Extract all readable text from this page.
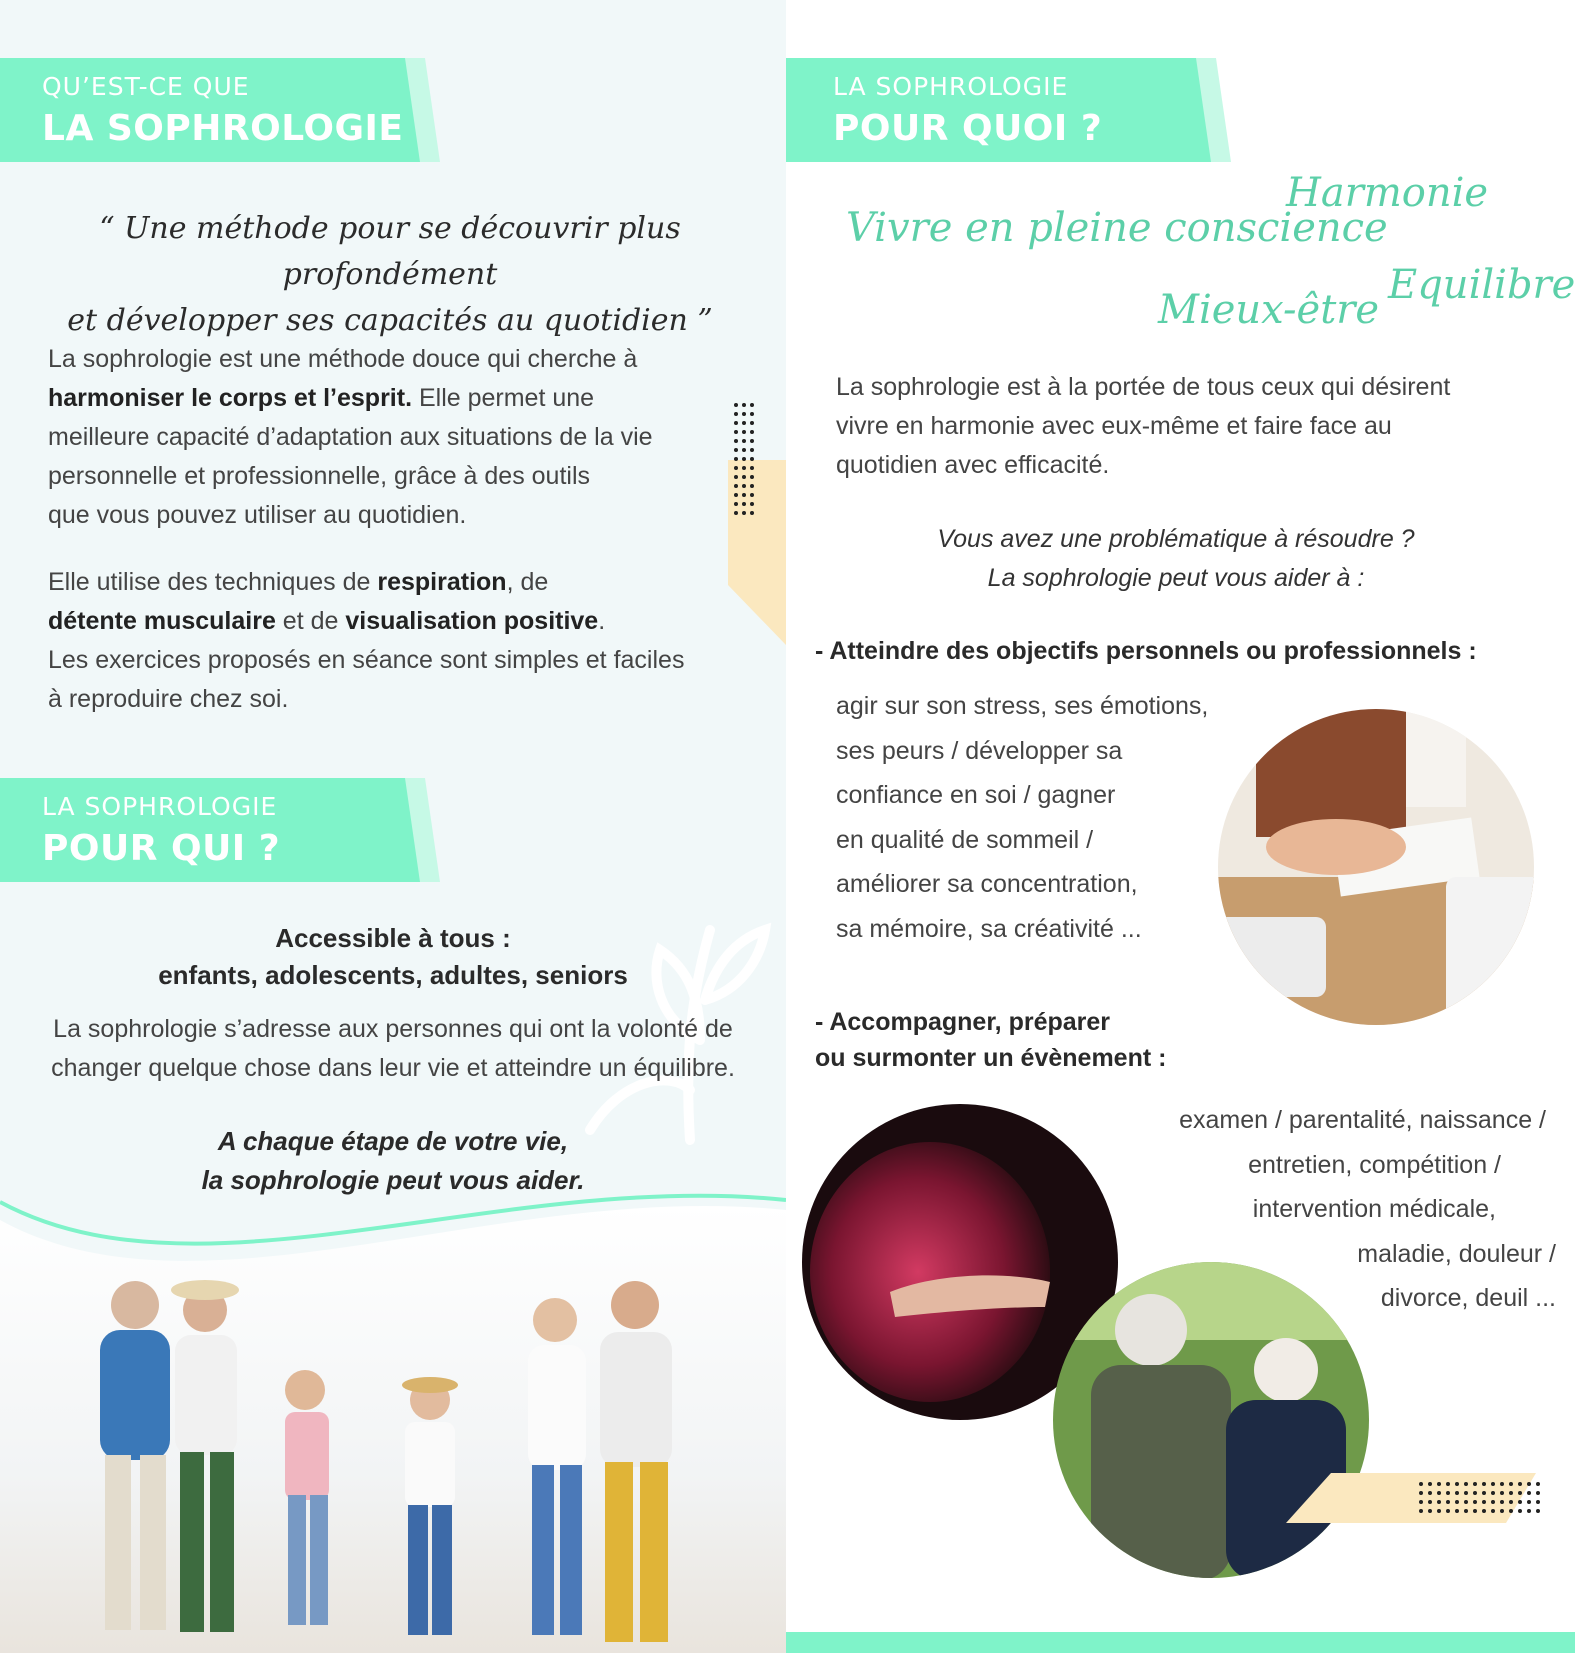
QU’EST-CE QUE
LA SOPHROLOGIE
“ Une méthode pour se découvrir plus profondément
et développer ses capacités au quotidien ”
La sophrologie est une méthode douce qui cherche à
harmoniser le corps et l’esprit. Elle permet une
meilleure capacité d’adaptation aux situations de la vie
personnelle et professionnelle, grâce à des outils
que vous pouvez utiliser au quotidien.
Elle utilise des techniques de respiration, de
détente musculaire et de visualisation positive.
Les exercices proposés en séance sont simples et faciles
à reproduire chez soi.
LA SOPHROLOGIE
POUR QUI ?
Accessible à tous :
enfants, adolescents, adultes, seniors
La sophrologie s’adresse aux personnes qui ont la volonté de
changer quelque chose dans leur vie et atteindre un équilibre.
A chaque étape de votre vie,
la sophrologie peut vous aider.
LA SOPHROLOGIE
POUR QUOI ?
Vivre en pleine conscience
Harmonie
Mieux-être
Equilibre
La sophrologie est à la portée de tous ceux qui désirent
vivre en harmonie avec eux-même et faire face au
quotidien avec efficacité.
Vous avez une problématique à résoudre ?
La sophrologie peut vous aider à :
- Atteindre des objectifs personnels ou professionnels :
agir sur son stress, ses émotions,
ses peurs / développer sa
confiance en soi / gagner
en qualité de sommeil /
améliorer sa concentration,
sa mémoire, sa créativité ...
- Accompagner, préparer
ou surmonter un évènement :
examen / parentalité, naissance /
entretien, compétition /
intervention médicale,
maladie, douleur /
divorce, deuil ...
